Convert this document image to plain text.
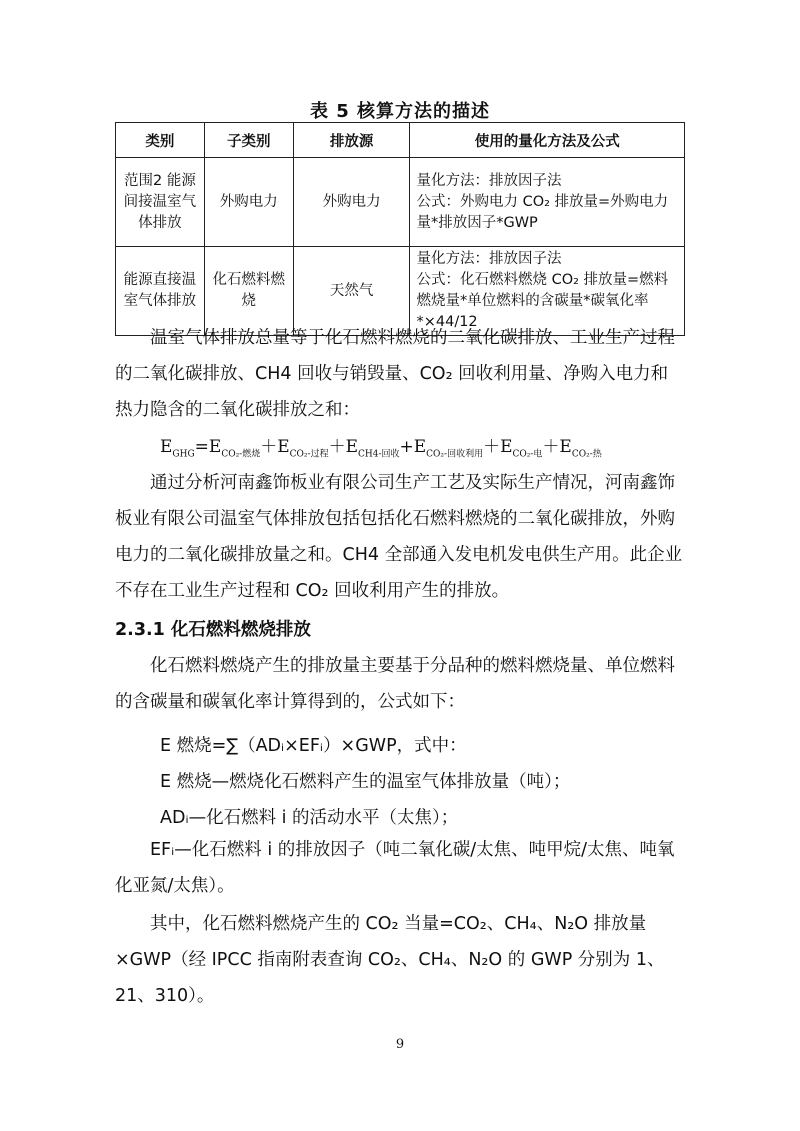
表 5 核算方法的描述
类别	子类别	排放源	使用的量化方法及公式
范围2 能源间接温室气体排放	外购电力	外购电力	量化方法：排放因子法
公式：外购电力 CO₂ 排放量=外购电力量*排放因子*GWP

能源直接温室气体排放	化石燃料燃烧	天然气	量化方法：排放因子法
公式：化石燃料燃烧 CO₂ 排放量=燃料燃烧量*单位燃料的含碳量*碳氧化率*×44/12
温室气体排放总量等于化石燃料燃烧的二氧化碳排放、工业生产过程的二氧化碳排放、CH4 回收与销毁量、CO₂ 回收利用量、净购入电力和热力隐含的二氧化碳排放之和：
$E_{GHG}=E_{CO_2-燃烧}+E_{CO_2-过程}+E_{CH4-回收}+E_{CO_2-回收利用}+E_{CO_2-电}+E_{CO_2-热}$
通过分析河南鑫饰板业有限公司生产工艺及实际生产情况，河南鑫饰板业有限公司温室气体排放包括包括化石燃料燃烧的二氧化碳排放，外购电力的二氧化碳排放量之和。CH4 全部通入发电机发电供生产用。此企业不存在工业生产过程和 CO₂ 回收利用产生的排放。
2.3.1 化石燃料燃烧排放
化石燃料燃烧产生的排放量主要基于分品种的燃料燃烧量、单位燃料的含碳量和碳氧化率计算得到的，公式如下：
E 燃烧=∑（ADᵢ×EFᵢ）×GWP，式中：
E 燃烧—燃烧化石燃料产生的温室气体排放量（吨）；
ADᵢ—化石燃料 i 的活动水平（太焦）；
EFᵢ—化石燃料 i 的排放因子（吨二氧化碳/太焦、吨甲烷/太焦、吨氧化亚氮/太焦）。
其中，化石燃料燃烧产生的 CO₂ 当量=CO₂、CH₄、N₂O 排放量×GWP（经 IPCC 指南附表查询 CO₂、CH₄、N₂O 的 GWP 分别为 1、21、310）。
9
